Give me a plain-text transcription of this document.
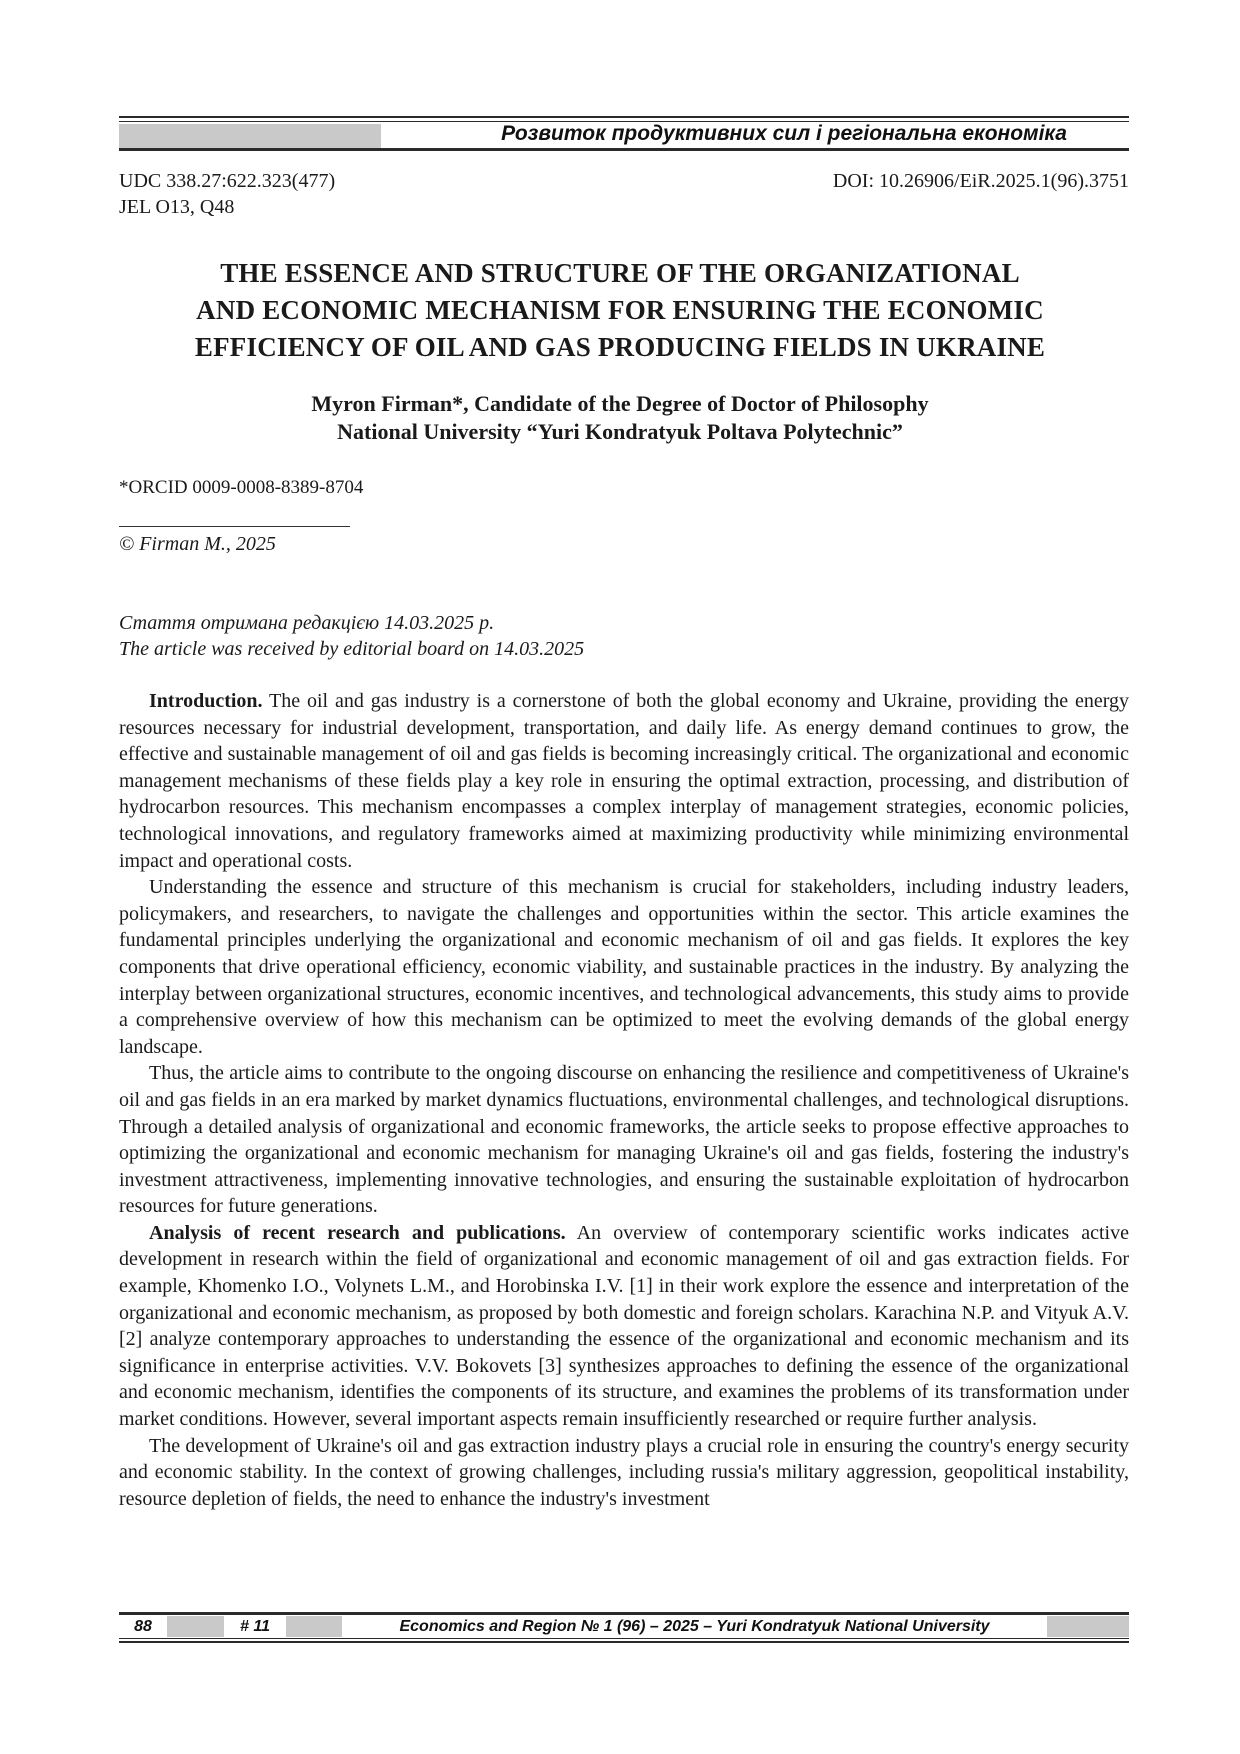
Розвиток продуктивних сил і регіональна економіка
UDC 338.27:622.323(477)
JEL O13, Q48
DOI: 10.26906/EiR.2025.1(96).3751
THE ESSENCE AND STRUCTURE OF THE ORGANIZATIONAL
AND ECONOMIC MECHANISM FOR ENSURING THE ECONOMIC
EFFICIENCY OF OIL AND GAS PRODUCING FIELDS IN UKRAINE
Myron Firman*, Candidate of the Degree of Doctor of Philosophy
National University “Yuri Kondratyuk Poltava Polytechnic”
*ORCID 0009-0008-8389-8704
© Firman M., 2025
Стаття отримана редакцією 14.03.2025 р.
The article was received by editorial board on 14.03.2025

Introduction. The oil and gas industry is a cornerstone of both the global economy and Ukraine, providing the energy resources necessary for industrial development, transportation, and daily life. As energy demand continues to grow, the effective and sustainable management of oil and gas fields is becoming increasingly critical. The organizational and economic management mechanisms of these fields play a key role in ensuring the optimal extraction, processing, and distribution of hydrocarbon resources. This mechanism encompasses a complex interplay of management strategies, economic policies, technological innovations, and regulatory frameworks aimed at maximizing productivity while minimizing environmental impact and operational costs.

Understanding the essence and structure of this mechanism is crucial for stakeholders, including industry leaders, policymakers, and researchers, to navigate the challenges and opportunities within the sector. This article examines the fundamental principles underlying the organizational and economic mechanism of oil and gas fields. It explores the key components that drive operational efficiency, economic viability, and sustainable practices in the industry. By analyzing the interplay between organizational structures, economic incentives, and technological advancements, this study aims to provide a comprehensive overview of how this mechanism can be optimized to meet the evolving demands of the global energy landscape.

Thus, the article aims to contribute to the ongoing discourse on enhancing the resilience and competitiveness of Ukraine's oil and gas fields in an era marked by market dynamics fluctuations, environmental challenges, and technological disruptions. Through a detailed analysis of organizational and economic frameworks, the article seeks to propose effective approaches to optimizing the organizational and economic mechanism for managing Ukraine's oil and gas fields, fostering the industry's investment attractiveness, implementing innovative technologies, and ensuring the sustainable exploitation of hydrocarbon resources for future generations.

Analysis of recent research and publications. An overview of contemporary scientific works indicates active development in research within the field of organizational and economic management of oil and gas extraction fields. For example, Khomenko I.O., Volynets L.M., and Horobinska I.V. [1] in their work explore the essence and interpretation of the organizational and economic mechanism, as proposed by both domestic and foreign scholars. Karachina N.P. and Vityuk A.V. [2] analyze contemporary approaches to understanding the essence of the organizational and economic mechanism and its significance in enterprise activities. V.V. Bokovets [3] synthesizes approaches to defining the essence of the organizational and economic mechanism, identifies the components of its structure, and examines the problems of its transformation under market conditions. However, several important aspects remain insufficiently researched or require further analysis.

The development of Ukraine's oil and gas extraction industry plays a crucial role in ensuring the country's energy security and economic stability. In the context of growing challenges, including russia's military aggression, geopolitical instability, resource depletion of fields, the need to enhance the industry's investment

88	# 11	Economics and Region № 1 (96) – 2025 – Yuri Kondratyuk National University
